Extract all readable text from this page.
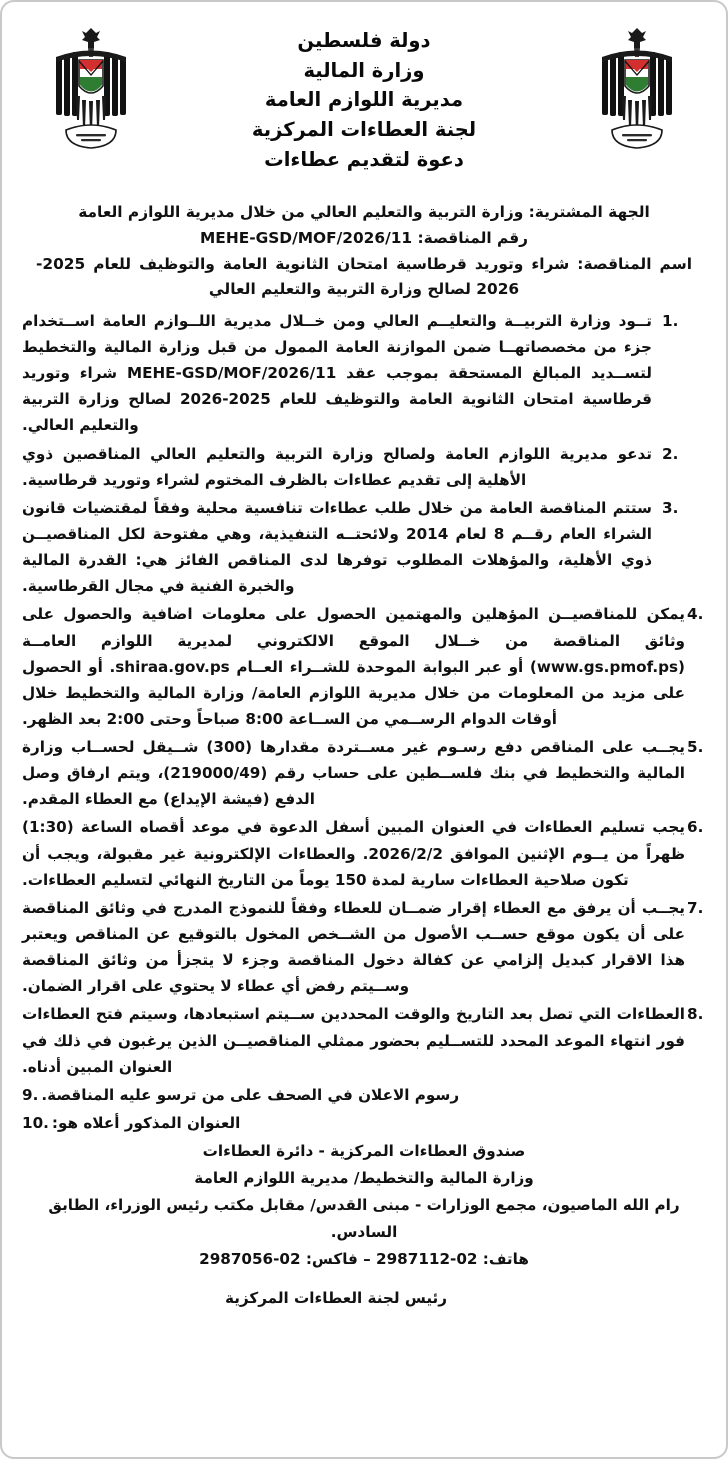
دولة فلسطين
وزارة المالية
مديرية اللوازم العامة
لجنة العطاءات المركزية
دعوة لتقديم عطاءات

الجهة المشترية: وزارة التربية والتعليم العالي من خلال مديرية اللوازم العامة

رقم المناقصة: MEHE-GSD/MOF/2026/11

اسم المناقصة: شراء وتوريد قرطاسية امتحان الثانوية العامة والتوظيف للعام 2025-2026 لصالح وزارة التربية والتعليم العالي

.1
تــود وزارة التربيــة والتعليــم العالي ومن خــلال مديرية اللــوازم العامة اســتخدام جزء من مخصصاتهــا ضمن الموازنة العامة الممول من قبل وزارة المالية والتخطيط لتســديد المبالغ المستحقة بموجب عقد MEHE-GSD/MOF/2026/11 شراء وتوريد قرطاسية امتحان الثانوية العامة والتوظيف للعام 2025-2026 لصالح وزارة التربية والتعليم العالي.
.2
تدعو مديرية اللوازم العامة ولصالح وزارة التربية والتعليم العالي المناقصين ذوي الأهلية إلى تقديم عطاءات بالظرف المختوم لشراء وتوريد قرطاسية.
.3
ستتم المناقصة العامة من خلال طلب عطاءات تنافسية محلية وفقاً لمقتضيات قانون الشراء العام رقــم 8 لعام 2014 ولائحتــه التنفيذية، وهي مفتوحة لكل المناقصيــن ذوي الأهلية، والمؤهلات المطلوب توفرها لدى المناقص الفائز هي: القدرة المالية والخبرة الفنية في مجال القرطاسية.
.4
يمكن للمناقصيــن المؤهلين والمهتمين الحصول على معلومات اضافية والحصول على وثائق المناقصة من خــلال الموقع الالكتروني لمديرية اللوازم العامــة (www.gs.pmof.ps) أو عبر البوابة الموحدة للشــراء العــام shiraa.gov.ps. أو الحصول على مزيد من المعلومات من خلال مديرية اللوازم العامة/ وزارة المالية والتخطيط خلال أوقات الدوام الرســمي من الســاعة 8:00 صباحاً وحتى 2:00 بعد الظهر.
.5
يجــب على المناقص دفع رسـوم غير مســتردة مقدارها (300) شــيقل لحســاب وزارة المالية والتخطيط في بنك فلســطين على حساب رقم (219000/49)، ويتم ارفاق وصل الدفع (فيشة الإيداع) مع العطاء المقدم.
.6
يجب تسليم العطاءات في العنوان المبين أسفل الدعوة في موعد أقصاه الساعة (1:30) ظهراً من يــوم الإثنين الموافق 2026/2/2. والعطاءات الإلكترونية غير مقبولة، ويجب أن تكون صلاحية العطاءات سارية لمدة 150 يوماً من التاريخ النهائي لتسليم العطاءات.
.7
يجــب أن يرفق مع العطاء إقرار ضمــان للعطاء وفقاً للنموذج المدرج في وثائق المناقصة على أن يكون موقع حســب الأصول من الشــخص المخول بالتوقيع عن المناقص ويعتبر هذا الاقرار كبديل إلزامي عن كفالة دخول المناقصة وجزء لا يتجزأ من وثائق المناقصة وســيتم رفض أي عطاء لا يحتوي على اقرار الضمان.
.8
العطاءات التي تصل بعد التاريخ والوقت المحددين ســيتم استبعادها، وسيتم فتح العطاءات فور انتهاء الموعد المحدد للتســليم بحضور ممثلي المناقصيــن الذين يرغبون في ذلك في العنوان المبين أدناه.
.9 رسوم الاعلان في الصحف على من ترسو عليه المناقصة.
.10 العنوان المذكور أعلاه هو:

صندوق العطاءات المركزية - دائرة العطاءات

وزارة المالية والتخطيط/ مديرية اللوازم العامة

رام الله الماصيون، مجمع الوزارات - مبنى القدس/ مقابل مكتب رئيس الوزراء، الطابق السادس.

هاتف: 02-2987112 – فاكس: 02-2987056

رئيس لجنة العطاءات المركزية
